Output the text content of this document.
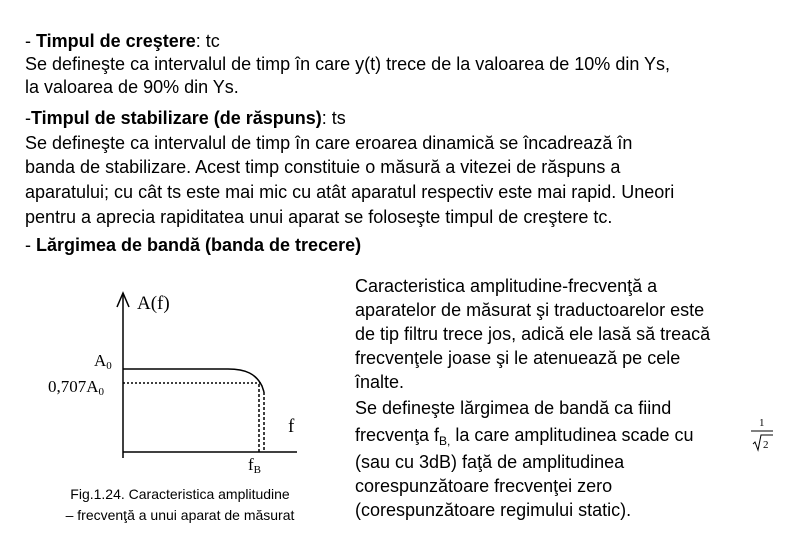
- Timpul de creştere: tc
Se defineşte ca intervalul de timp în care y(t) trece de la valoarea de 10% din Ys,
la valoarea de 90% din Ys.
-Timpul de stabilizare (de răspuns): ts
Se defineşte ca intervalul de timp în care eroarea dinamică se încadrează în
banda de stabilizare. Acest timp constituie o măsură a vitezei de răspuns a
aparatului; cu cât ts este mai mic cu atât aparatul respectiv este mai rapid. Uneori
pentru a aprecia rapiditatea unui aparat se foloseşte timpul de creştere tc.
- Lărgimea de bandă (banda de trecere)
A(f)
A0
0,707A0
f
fB
Fig.1.24. Caracteristica amplitudine
– frecvenţă a unui aparat de măsurat
Caracteristica amplitudine-frecvenţă a
aparatelor de măsurat şi traductoarelor este
de tip filtru trece jos, adică ele lasă să treacă
frecvenţele joase şi le atenuează pe cele
înalte.
Se defineşte lărgimea de bandă ca fiind
frecvenţa $f_{B,}$ la care amplitudinea scade cu
(sau cu 3dB) faţă de amplitudinea
corespunzătoare frecvenţei zero
(corespunzătoare regimului static).
1
2
